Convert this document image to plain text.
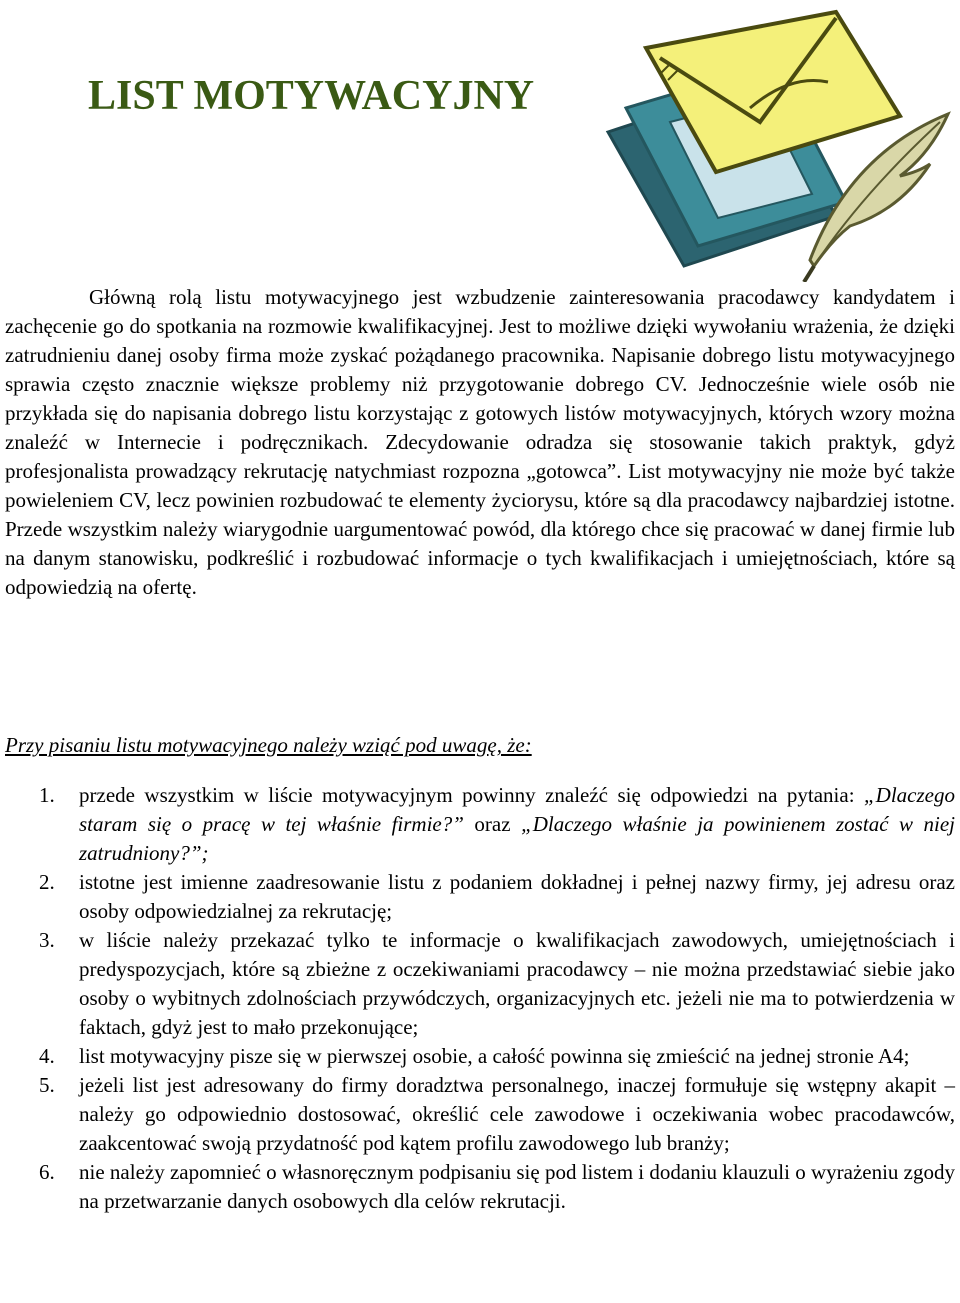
LIST MOTYWACYJNY

Główną rolą listu motywacyjnego jest wzbudzenie zainteresowania pracodawcy kandydatem i zachęcenie go do spotkania na rozmowie kwalifikacyjnej. Jest to możliwe dzięki wywołaniu wrażenia, że dzięki zatrudnieniu danej osoby firma może zyskać pożądanego pracownika. Napisanie dobrego listu motywacyjnego sprawia często znacznie większe problemy niż przygotowanie dobrego CV. Jednocześnie wiele osób nie przykłada się do napisania dobrego listu korzystając z gotowych listów motywacyjnych, których wzory można znaleźć w Internecie i podręcznikach. Zdecydowanie odradza się stosowanie takich praktyk, gdyż profesjonalista prowadzący rekrutację natychmiast rozpozna „gotowca”. List motywacyjny nie może być także powieleniem CV, lecz powinien rozbudować te elementy życiorysu, które są dla pracodawcy najbardziej istotne. Przede wszystkim należy wiarygodnie uargumentować powód, dla którego chce się pracować w danej firmie lub na danym stanowisku, podkreślić i rozbudować informacje o tych kwalifikacjach i umiejętnościach, które są odpowiedzią na ofertę.

Przy pisaniu listu motywacyjnego należy wziąć pod uwagę, że:

1. przede wszystkim w liście motywacyjnym powinny znaleźć się odpowiedzi na pytania: „Dlaczego staram się o pracę w tej właśnie firmie?” oraz „Dlaczego właśnie ja powinienem zostać w niej zatrudniony?”;
2. istotne jest imienne zaadresowanie listu z podaniem dokładnej i pełnej nazwy firmy, jej adresu oraz osoby odpowiedzialnej za rekrutację;
3. w liście należy przekazać tylko te informacje o kwalifikacjach zawodowych, umiejętnościach i predyspozycjach, które są zbieżne z oczekiwaniami pracodawcy – nie można przedstawiać siebie jako osoby o wybitnych zdolnościach przywódczych, organizacyjnych etc. jeżeli nie ma to potwierdzenia w faktach, gdyż jest to mało przekonujące;
4. list motywacyjny pisze się w pierwszej osobie, a całość powinna się zmieścić na jednej stronie A4;
5. jeżeli list jest adresowany do firmy doradztwa personalnego, inaczej formułuje się wstępny akapit – należy go odpowiednio dostosować, określić cele zawodowe i oczekiwania wobec pracodawców, zaakcentować swoją przydatność pod kątem profilu zawodowego lub branży;
6. nie należy zapomnieć o własnoręcznym podpisaniu się pod listem i dodaniu klauzuli o wyrażeniu zgody na przetwarzanie danych osobowych dla celów rekrutacji.
